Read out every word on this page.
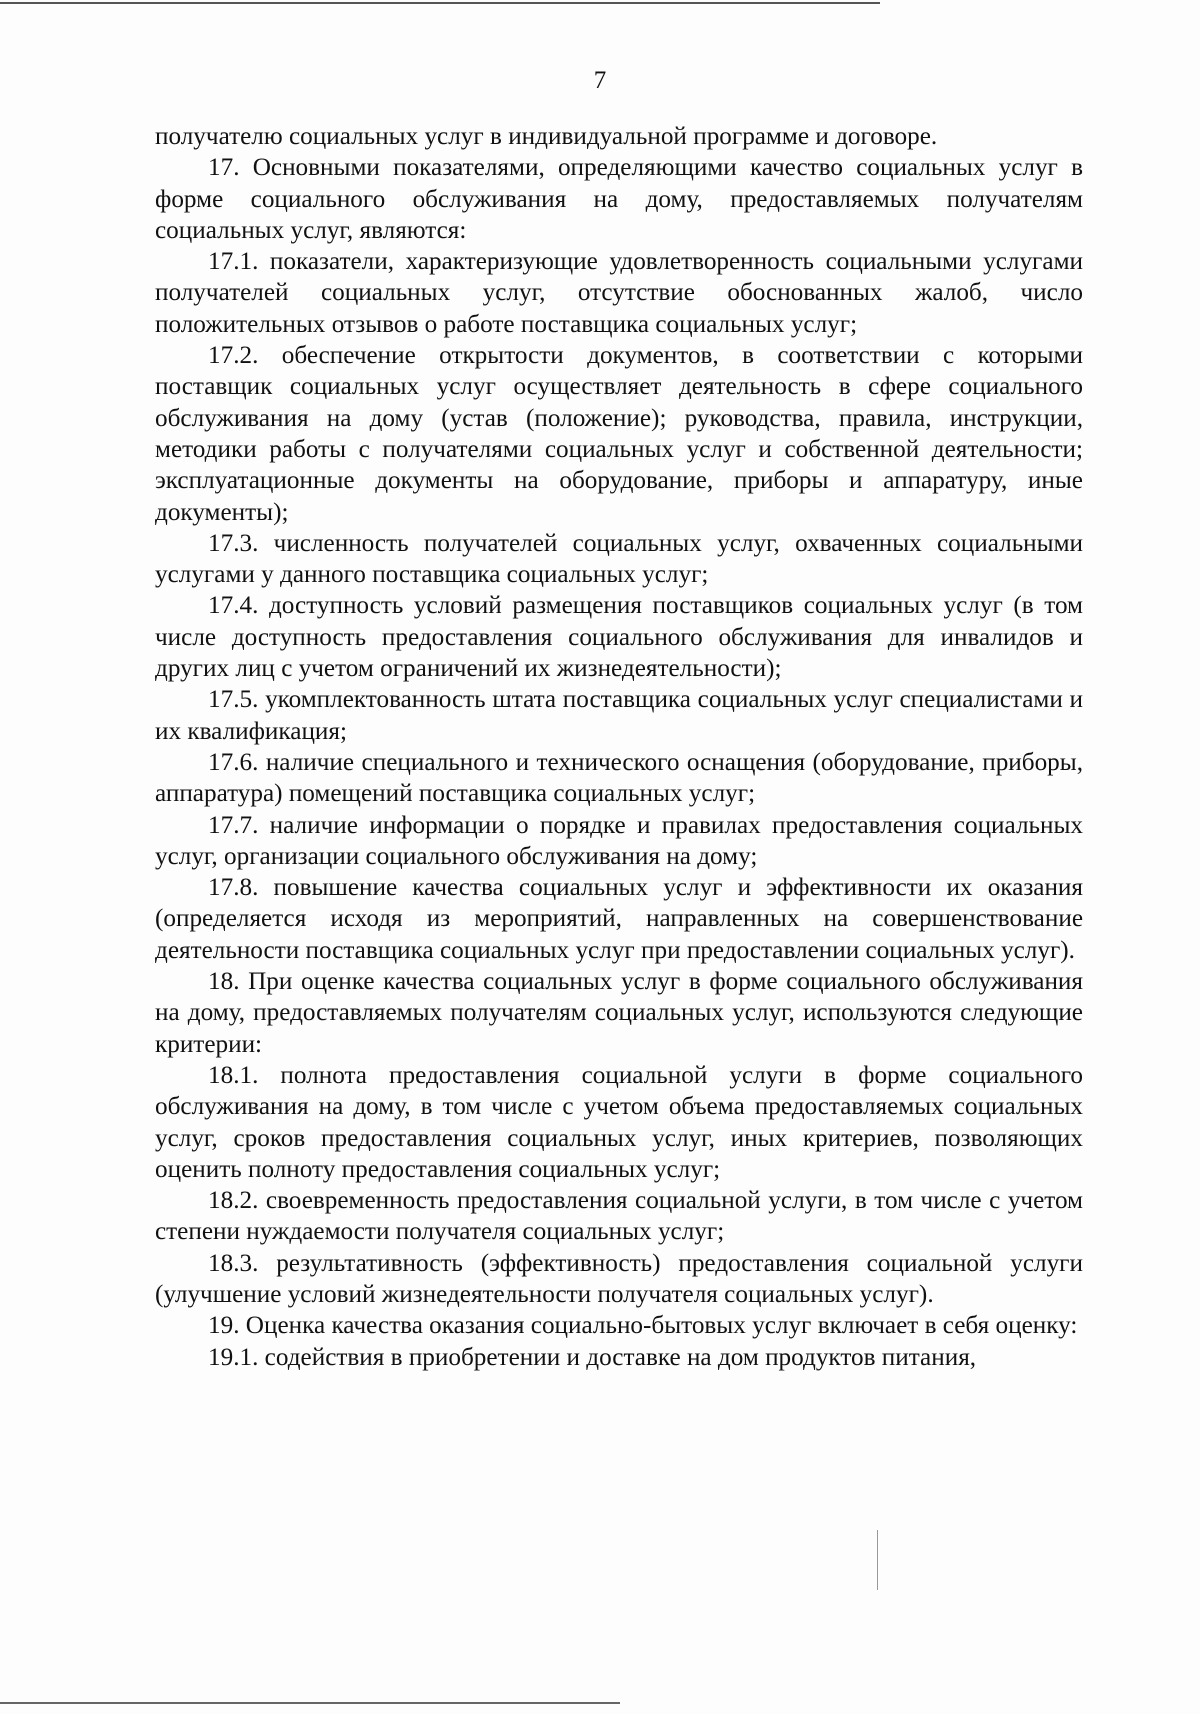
7

получателю социальных услуг в индивидуальной программе и договоре.

17. Основными показателями, определяющими качество социальных услуг в форме социального обслуживания на дому, предоставляемых получателям социальных услуг, являются:

17.1. показатели, характеризующие удовлетворенность социальными услугами получателей социальных услуг, отсутствие обоснованных жалоб, число положительных отзывов о работе поставщика социальных услуг;

17.2. обеспечение открытости документов, в соответствии с которыми поставщик социальных услуг осуществляет деятельность в сфере социального обслуживания на дому (устав (положение); руководства, правила, инструкции, методики работы с получателями социальных услуг и собственной деятельности; эксплуатационные документы на оборудование, приборы и аппаратуру, иные документы);

17.3. численность получателей социальных услуг, охваченных социальными услугами у данного поставщика социальных услуг;

17.4. доступность условий размещения поставщиков социальных услуг (в том числе доступность предоставления социального обслуживания для инвалидов и других лиц с учетом ограничений их жизнедеятельности);

17.5. укомплектованность штата поставщика социальных услуг специалистами и их квалификация;

17.6. наличие специального и технического оснащения (оборудование, приборы, аппаратура) помещений поставщика социальных услуг;

17.7. наличие информации о порядке и правилах предоставления социальных услуг, организации социального обслуживания на дому;

17.8. повышение качества социальных услуг и эффективности их оказания (определяется исходя из мероприятий, направленных на совершенствование деятельности поставщика социальных услуг при предоставлении социальных услуг).

18. При оценке качества социальных услуг в форме социального обслуживания на дому, предоставляемых получателям социальных услуг, используются следующие критерии:

18.1. полнота предоставления социальной услуги в форме социального обслуживания на дому, в том числе с учетом объема предоставляемых социальных услуг, сроков предоставления социальных услуг, иных критериев, позволяющих оценить полноту предоставления социальных услуг;

18.2. своевременность предоставления социальной услуги, в том числе с учетом степени нуждаемости получателя социальных услуг;

18.3. результативность (эффективность) предоставления социальной услуги (улучшение условий жизнедеятельности получателя социальных услуг).

19. Оценка качества оказания социально-бытовых услуг включает в себя оценку:

19.1. содействия в приобретении и доставке на дом продуктов питания,
